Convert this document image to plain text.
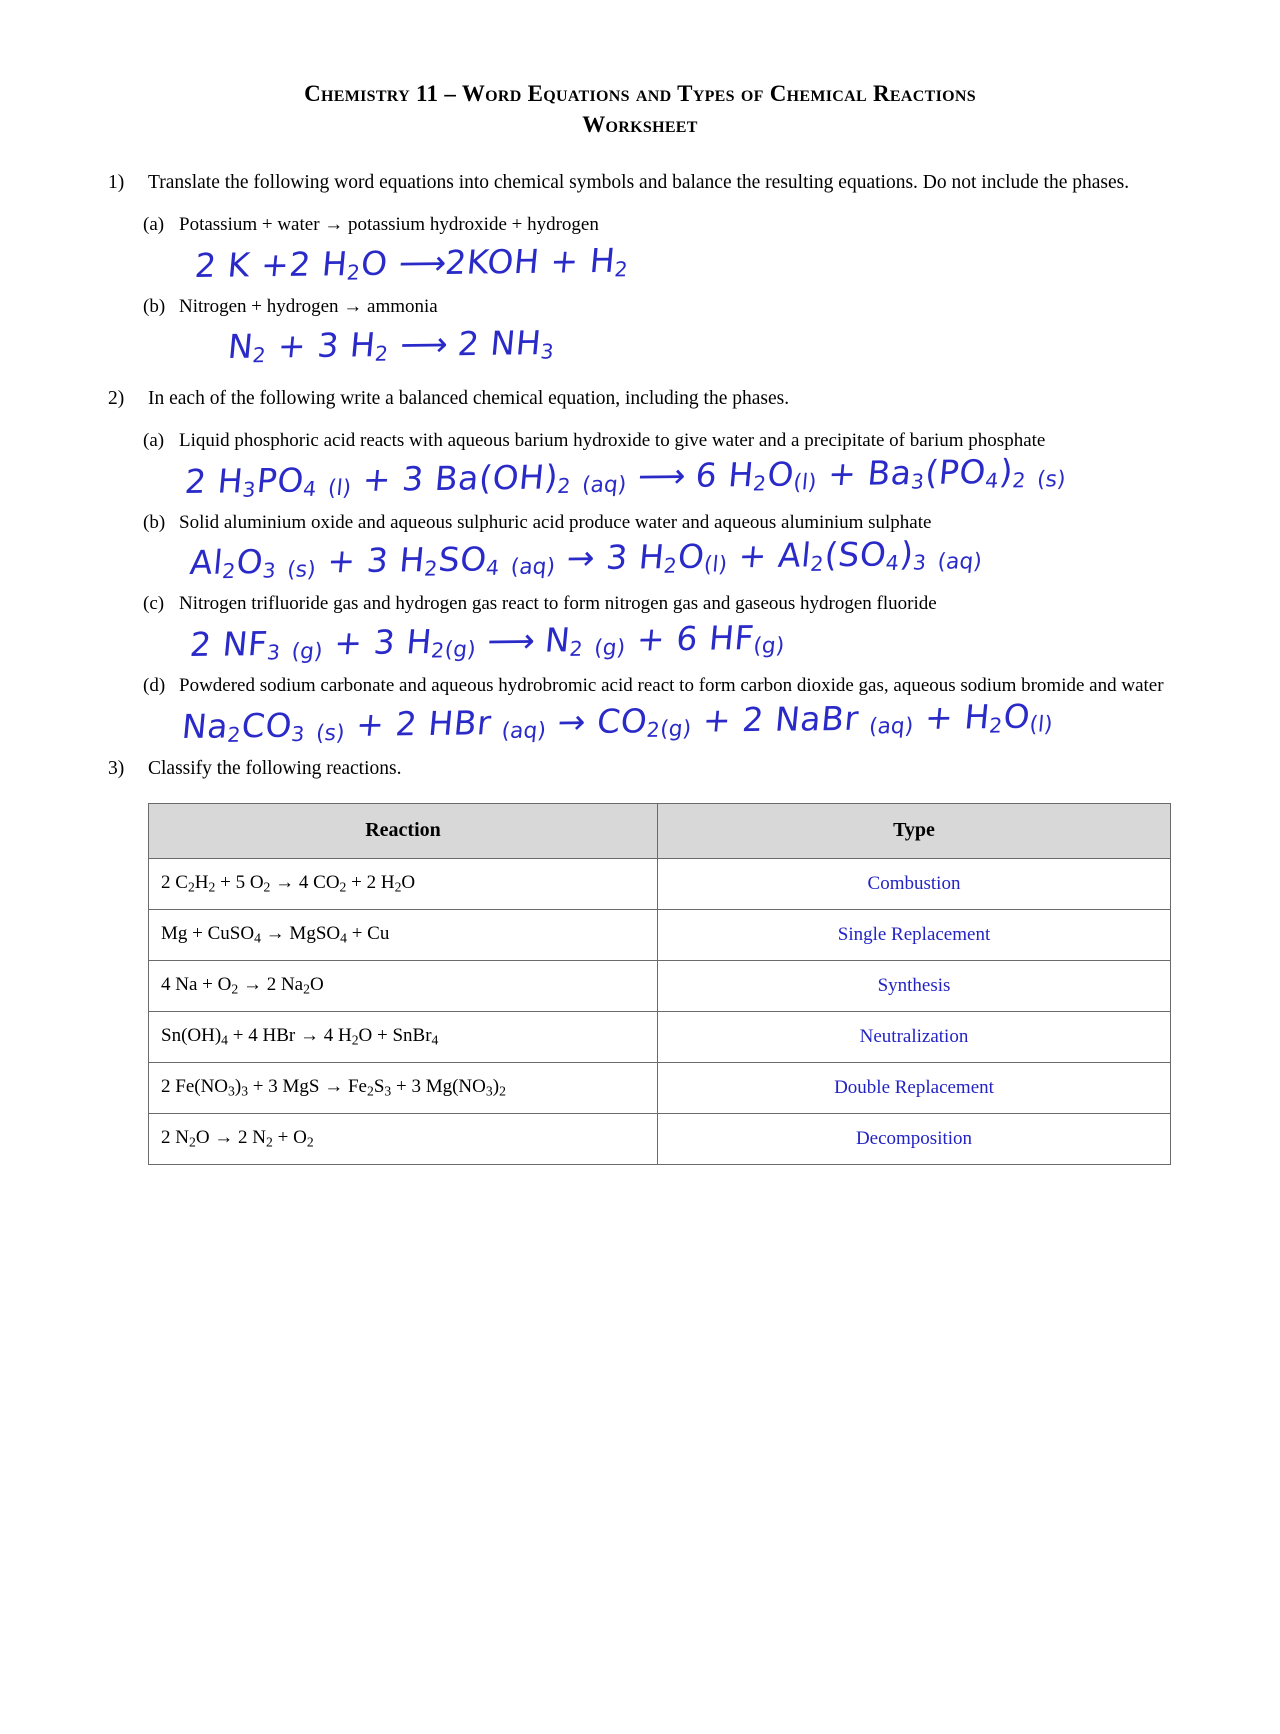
Chemistry 11 – Word Equations and Types of Chemical Reactions
Worksheet
1)	Translate the following word equations into chemical symbols and balance the resulting equations. Do not include the phases.
(a) Potassium + water → potassium hydroxide + hydrogen
2 K +2 $H_2O$ ⟶2KOH + $H_2$
(b) Nitrogen + hydrogen → ammonia
$N_2 + 3$ $H_2$ ⟶ 2 $NH_3$
2)	In each of the following write a balanced chemical equation, including the phases.
(a) Liquid phosphoric acid reacts with aqueous barium hydroxide to give water and a precipitate of barium phosphate
2 $H_3PO_4$ (l) + 3 $Ba(OH)_2$ (aq) ⟶ 6 $H_2O(l) + Ba_3(PO_4)_2$ (s)
(b) Solid aluminium oxide and aqueous sulphuric acid produce water and aqueous aluminium sulphate
$Al_2O_3$ (s) + 3 $H_2SO_4$ (aq) → 3 $H_2O(l) + Al_2(SO_4)_3$ (aq)
(c) Nitrogen trifluoride gas and hydrogen gas react to form nitrogen gas and gaseous hydrogen fluoride
2 $NF_3$ (g) + 3 $H_2(g)$ ⟶ $N_2$ (g) + 6 HF(g)
(d) Powdered sodium carbonate and aqueous hydrobromic acid react to form carbon dioxide gas, aqueous sodium bromide and water
$Na_2CO_3$ (s) + 2 HBr $(aq) \to CO_2(g) + 2$ NaBr $(aq) + H_2O(l)$
3)	Classify the following reactions.
Reaction	Type
2 $C_2H_2 + 5$ $O_2 \to 4$ $CO_2 + 2$ $H_2O$	Combustion
Mg + CuSO$_4$ → MgSO$_4$ + Cu	Single Replacement
4 $Na + O_2 \to 2$ $Na_2O$	Synthesis
$Sn(OH)_4 + 4$ HBr → 4 $H_2O$ + SnBr$_4$	Neutralization
2 $Fe(NO_3)_3 + 3$ MgS → $Fe_2S_3 + 3$ $Mg(NO_3)_2$	Double Replacement
2 $N_2O \to 2$ $N_2 + O_2$	Decomposition
